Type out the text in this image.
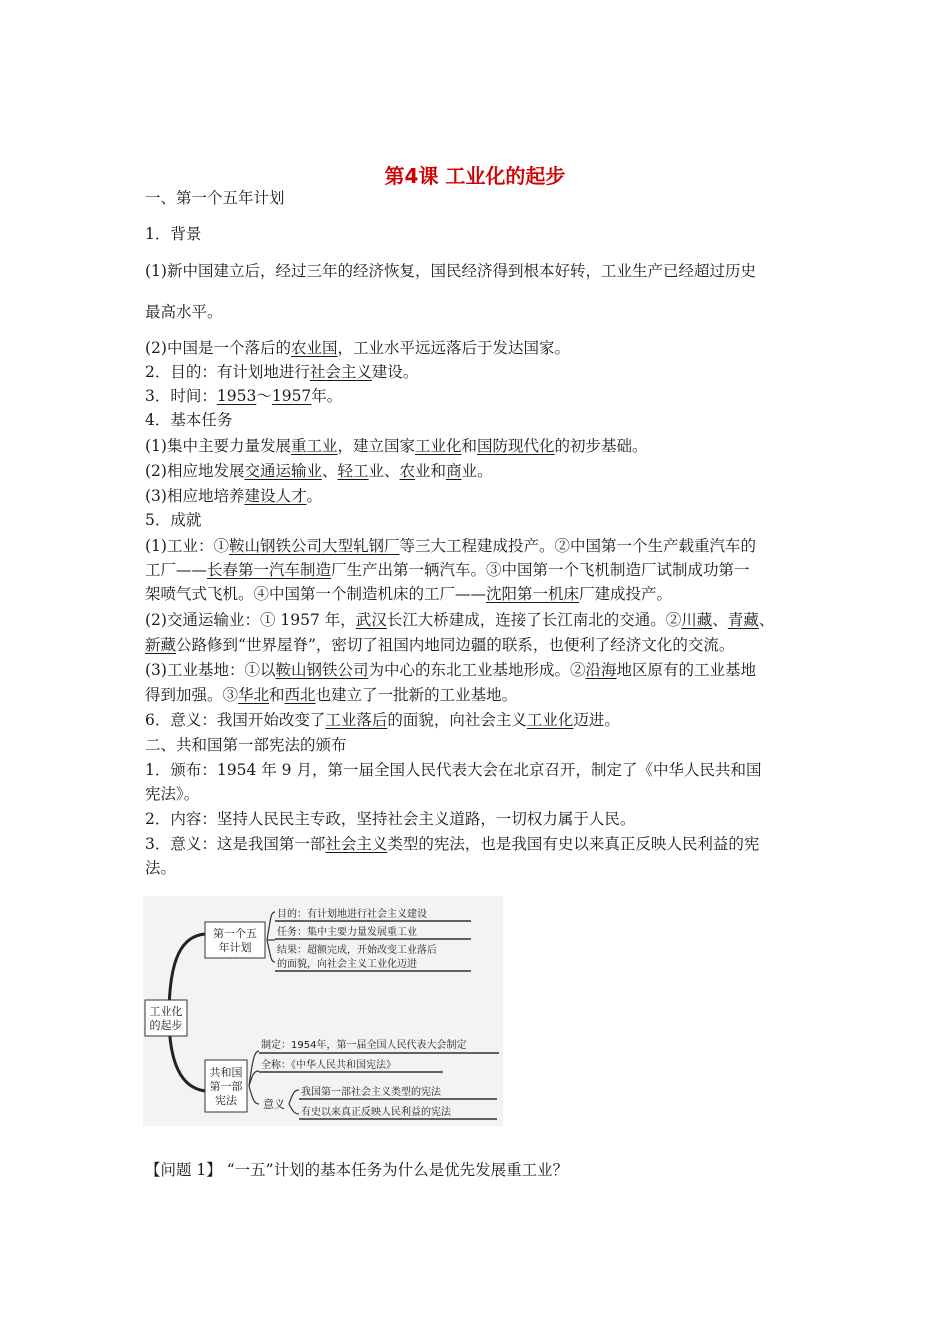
第4课 工业化的起步
一、第一个五年计划
1．背景
(1)新中国建立后，经过三年的经济恢复，国民经济得到根本好转，工业生产已经超过历史
最高水平。
(2)中国是一个落后的农业国，工业水平远远落后于发达国家。
2．目的：有计划地进行社会主义建设。
3．时间：1953～1957年。
4．基本任务
(1)集中主要力量发展重工业，建立国家工业化和国防现代化的初步基础。
(2)相应地发展交通运输业、轻工业、农业和商业。
(3)相应地培养建设人才。
5．成就
(1)工业：①鞍山钢铁公司大型轧钢厂等三大工程建成投产。②中国第一个生产载重汽车的
工厂——长春第一汽车制造厂生产出第一辆汽车。③中国第一个飞机制造厂试制成功第一
架喷气式飞机。④中国第一个制造机床的工厂——沈阳第一机床厂建成投产。
(2)交通运输业：① 1957 年，武汉长江大桥建成，连接了长江南北的交通。②川藏、青藏、
新藏公路修到“世界屋脊”，密切了祖国内地同边疆的联系，也便利了经济文化的交流。
(3)工业基地：①以鞍山钢铁公司为中心的东北工业基地形成。②沿海地区原有的工业基地
得到加强。③华北和西北也建立了一批新的工业基地。
6．意义：我国开始改变了工业落后的面貌，向社会主义工业化迈进。
二、共和国第一部宪法的颁布
1．颁布：1954 年 9 月，第一届全国人民代表大会在北京召开，制定了《中华人民共和国
宪法》。
2．内容：坚持人民民主专政，坚持社会主义道路，一切权力属于人民。
3．意义：这是我国第一部社会主义类型的宪法，也是我国有史以来真正反映人民利益的宪
法。
工业化
的起步
第一个五
年计划
目的：有计划地进行社会主义建设
任务：集中主要力量发展重工业
结果：超额完成，开始改变工业落后
的面貌，向社会主义工业化迈进
共和国
第一部
宪法
制定：1954年，第一届全国人民代表大会制定
全称：《中华人民共和国宪法》
意义
我国第一部社会主义类型的宪法
有史以来真正反映人民利益的宪法
【问题 1】 “一五”计划的基本任务为什么是优先发展重工业？
